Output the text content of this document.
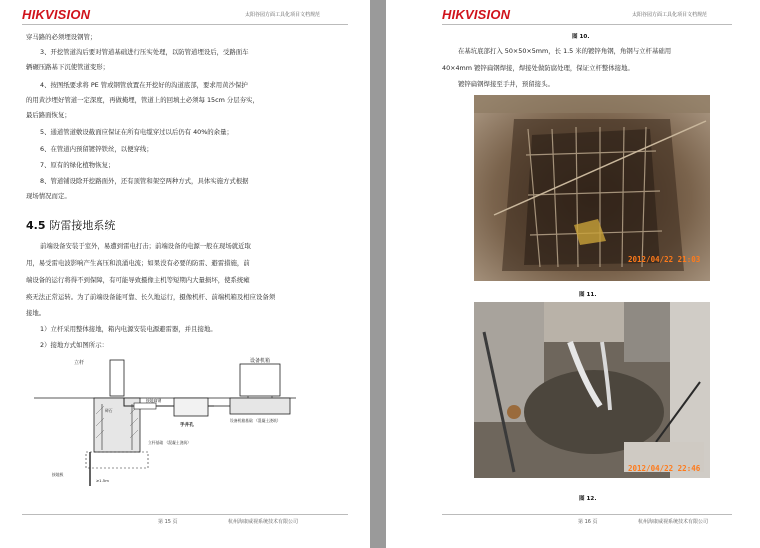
HIKVISION	太阳谷园方面工具化项目文档规范
穿马路的必须埋设钢管；
3、开挖管道沟后要对管道基础进行压实处理，以防管道埋设后，受路面车
辆碾压路基下沉使管道变形；
4、按图纸要求将 PE 管或钢管放置在开挖好的沟道底部，要求用黄沙保护
的用黄沙埋好管道一定深度，再做掩埋，管道上的回填土必须每 15cm 分层夯实，
最后路面恢复；
5、通道管道敷设截面应保证在所有电缆穿过以后仍有 40%的余量；
6、在管道内预留镀锌铁丝，以便穿线；
7、原有的绿化植物恢复；
8、管道铺设除开挖路面外，还有顶管和架空两种方式，具体实施方式根据
现场情况而定。
4.5 防雷接地系统
前端设备安装于室外，易遭到雷电打击；前端设备的电源一般在现场就近取
用，易受雷电波影响产生高压和浪涌电流；如果没有必要的防雷、避雷措施，前
端设备的运行将得不到保障，有可能导致摄像主机等短期内大量损坏，使系统瘫
痪无法正常运转。为了前端设备能可靠、长久地运行，摄像机杆、前端机箱及相应设备须
接地。
1）立杆采用整体接地，箱内电源安装电源避雷器，并且接地。
2）接地方式如图所示：
立杆	设备机箱
碎石
接地扁钢
手井孔
设备机箱基础 （混凝土浇筑）
立杆基础 （混凝土浇筑）
接地极
≥1.5m
第 15 页	杭州海康威视系统技术有限公司
HIKVISION	太阳谷园方面工具化项目文档规范
图 10.
在基坑底部打入 50×50×5mm，长 1.5 米的镀锌角钢，角钢与立杆基础用
40×4mm 镀锌扁钢焊接，焊接处做防腐处理，保证立杆整体接地。
镀锌扁钢焊接至手井，预留接头。
2012/04/22 21:03
图 11.
2012/04/22 22:46
图 12.
第 16 页	杭州海康威视系统技术有限公司
